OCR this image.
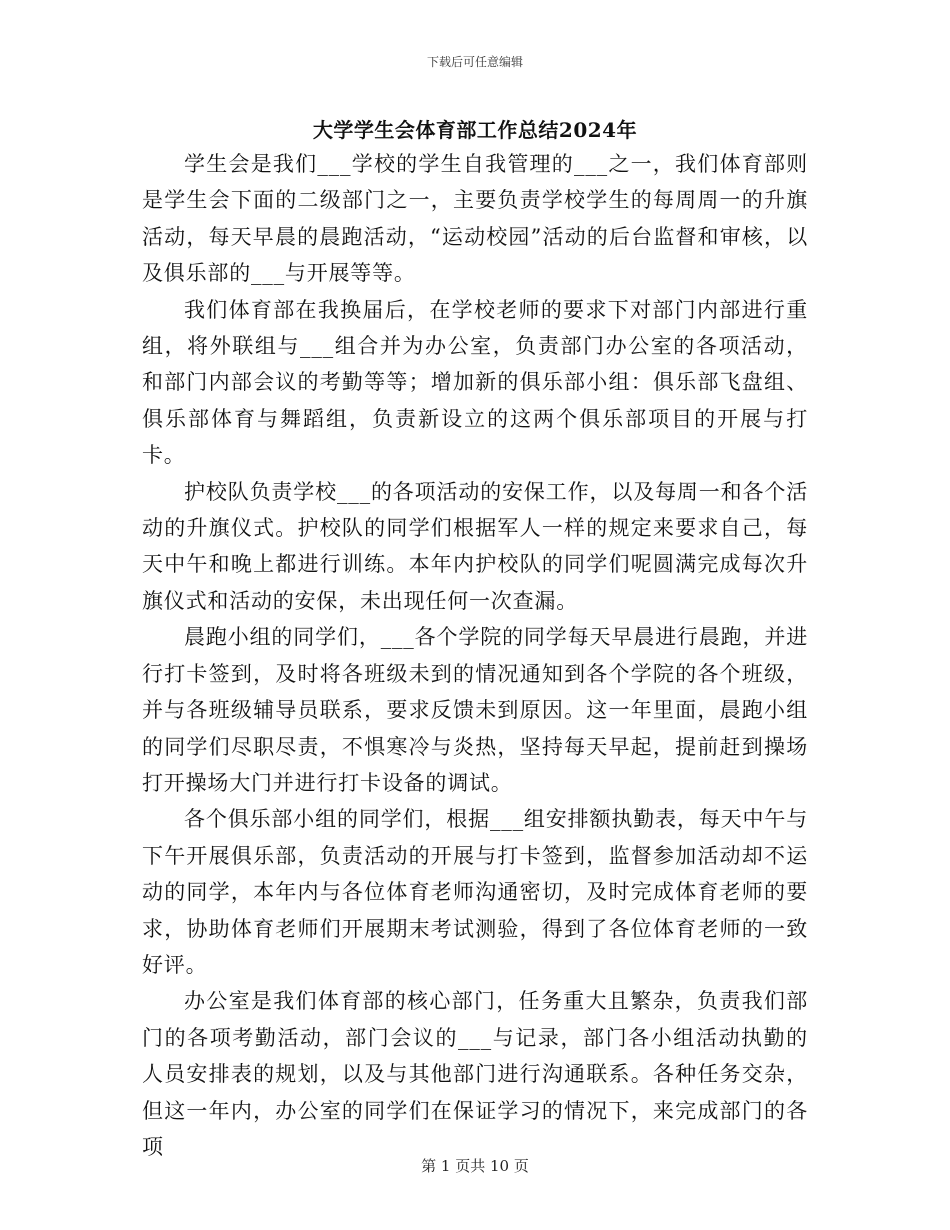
下载后可任意编辑
大学学生会体育部工作总结2024年

学生会是我们___学校的学生自我管理的___之一，我们体育部则是学生会下面的二级部门之一，主要负责学校学生的每周周一的升旗活动，每天早晨的晨跑活动，“运动校园”活动的后台监督和审核，以及俱乐部的___与开展等等。

我们体育部在我换届后，在学校老师的要求下对部门内部进行重组，将外联组与___组合并为办公室，负责部门办公室的各项活动，和部门内部会议的考勤等等；增加新的俱乐部小组：俱乐部飞盘组、俱乐部体育与舞蹈组，负责新设立的这两个俱乐部项目的开展与打卡。

护校队负责学校___的各项活动的安保工作，以及每周一和各个活动的升旗仪式。护校队的同学们根据军人一样的规定来要求自己，每天中午和晚上都进行训练。本年内护校队的同学们呢圆满完成每次升旗仪式和活动的安保，未出现任何一次查漏。

晨跑小组的同学们，___各个学院的同学每天早晨进行晨跑，并进行打卡签到，及时将各班级未到的情况通知到各个学院的各个班级，并与各班级辅导员联系，要求反馈未到原因。这一年里面，晨跑小组的同学们尽职尽责，不惧寒冷与炎热，坚持每天早起，提前赶到操场打开操场大门并进行打卡设备的调试。

各个俱乐部小组的同学们，根据___组安排额执勤表，每天中午与下午开展俱乐部，负责活动的开展与打卡签到，监督参加活动却不运动的同学，本年内与各位体育老师沟通密切，及时完成体育老师的要求，协助体育老师们开展期末考试测验，得到了各位体育老师的一致好评。

办公室是我们体育部的核心部门，任务重大且繁杂，负责我们部门的各项考勤活动，部门会议的___与记录，部门各小组活动执勤的人员安排表的规划，以及与其他部门进行沟通联系。各种任务交杂，但这一年内，办公室的同学们在保证学习的情况下，来完成部门的各项

第 1 页共 10 页
